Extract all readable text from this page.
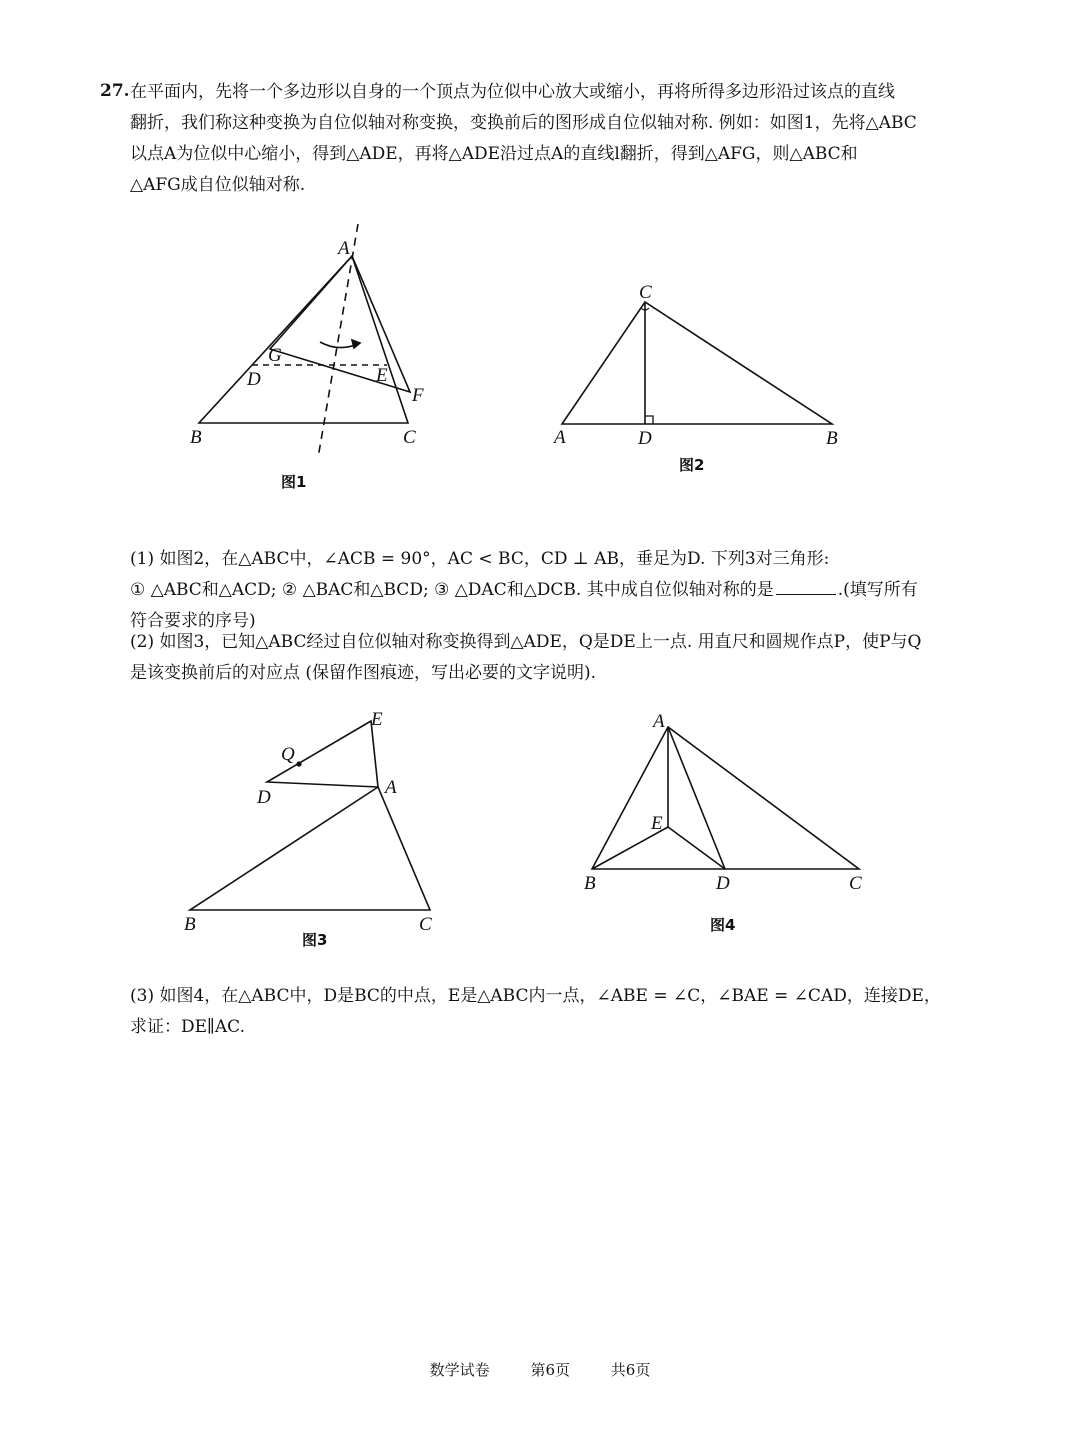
27. 在平面内，先将一个多边形以自身的一个顶点为位似中心放大或缩小，再将所得多边形沿过该点的直线
翻折，我们称这种变换为自位似轴对称变换，变换前后的图形成自位似轴对称. 例如：如图1，先将△ABC
以点A为位似中心缩小，得到△ADE，再将△ADE沿过点A的直线l翻折，得到△AFG，则△ABC和
△AFG成自位似轴对称.
A
G
D	E
F
B	C
图1
C
A	D	B
图2
(1) 如图2，在△ABC中，∠ACB = 90°，AC < BC，CD ⊥ AB，垂足为D. 下列3对三角形:
① △ABC和△ACD; ② △BAC和△BCD; ③ △DAC和△DCB. 其中成自位似轴对称的是	.(填写所有
符合要求的序号)
(2) 如图3，已知△ABC经过自位似轴对称变换得到△ADE，Q是DE上一点. 用直尺和圆规作点P，使P与Q
是该变换前后的对应点 (保留作图痕迹，写出必要的文字说明).
E
Q
A
D
B	C
图3
A
E
B	D	C
图4
(3) 如图4，在△ABC中，D是BC的中点，E是△ABC内一点，∠ABE = ∠C，∠BAE = ∠CAD，连接DE，
求证：DE∥AC.
数学试卷	第6页	共6页
